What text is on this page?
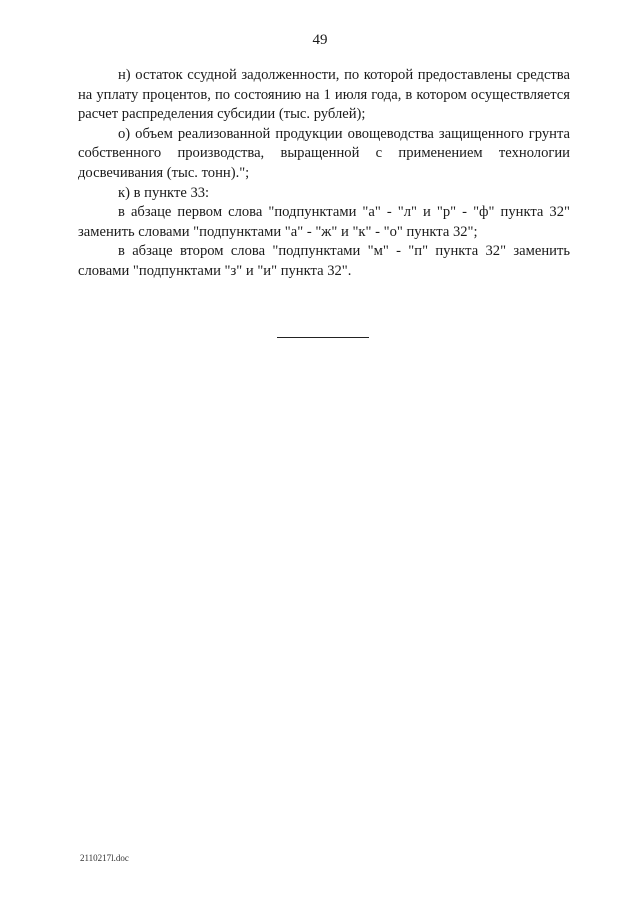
49

н) остаток ссудной задолженности, по которой предоставлены средства на уплату процентов, по состоянию на 1 июля года, в котором осуществляется расчет распределения субсидии (тыс. рублей);

о) объем реализованной продукции овощеводства защищенного грунта собственного производства, выращенной с применением технологии досвечивания (тыс. тонн).";

к) в пункте 33:

в абзаце первом слова "подпунктами "а" - "л" и "р" - "ф" пункта 32" заменить словами "подпунктами "а" - "ж" и "к" - "о" пункта 32";

в абзаце втором слова "подпунктами "м" - "п" пункта 32" заменить словами "подпунктами "з" и "и" пункта 32".

2110217l.doc
